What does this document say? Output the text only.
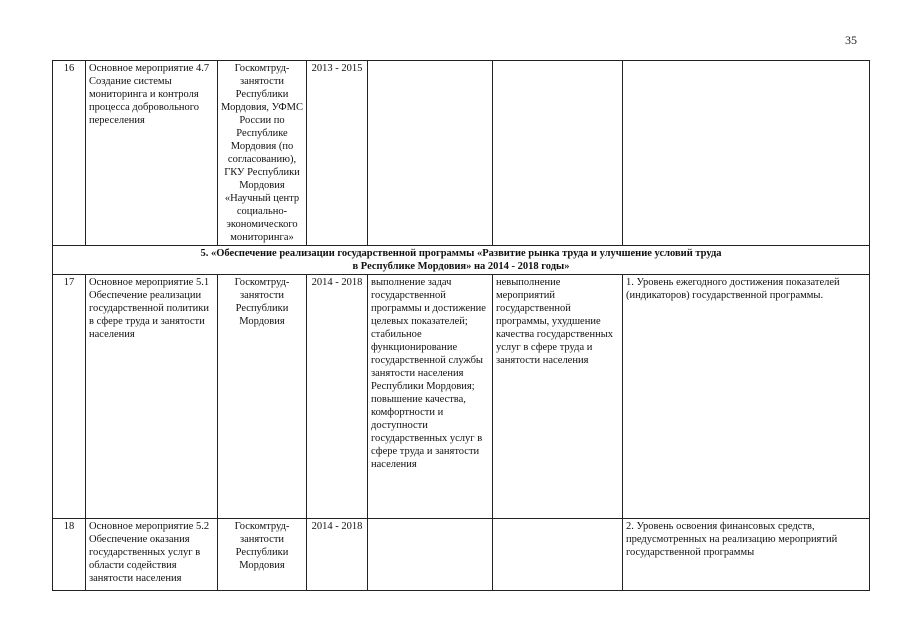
35
16	Основное мероприятие 4.7 Создание системы мониторинга и контроля процесса добровольного переселения	Госкомтруд-занятости Республики Мордовия, УФМС России по Республике Мордовия (по согласованию), ГКУ Республики Мордовия «Научный центр социально-экономического мониторинга»	2013 - 2015			

5. «Обеспечение реализации государственной программы «Развитие рынка труда и улучшение условий труда
в Республике Мордовия» на 2014 - 2018 годы»						

17	Основное мероприятие 5.1 Обеспечение реализации государственной политики в сфере труда и занятости населения	Госкомтруд-занятости Республики Мордовия	2014 - 2018	выполнение задач государственной программы и достижение целевых показателей; стабильное функционирование государственной службы занятости населения Республики Мордовия; повышение качества, комфортности и доступности государственных услуг в сфере труда и занятости населения	невыполнение мероприятий государственной программы, ухудшение качества государственных услуг в сфере труда и занятости населения	1. Уровень ежегодного достижения показателей (индикаторов) государственной программы.
18	Основное мероприятие 5.2 Обеспечение оказания государственных услуг в области содействия занятости населения	Госкомтруд-занятости Республики Мордовия	2014 - 2018			2. Уровень освоения финансовых средств, предусмотренных на реализацию мероприятий государственной программы
